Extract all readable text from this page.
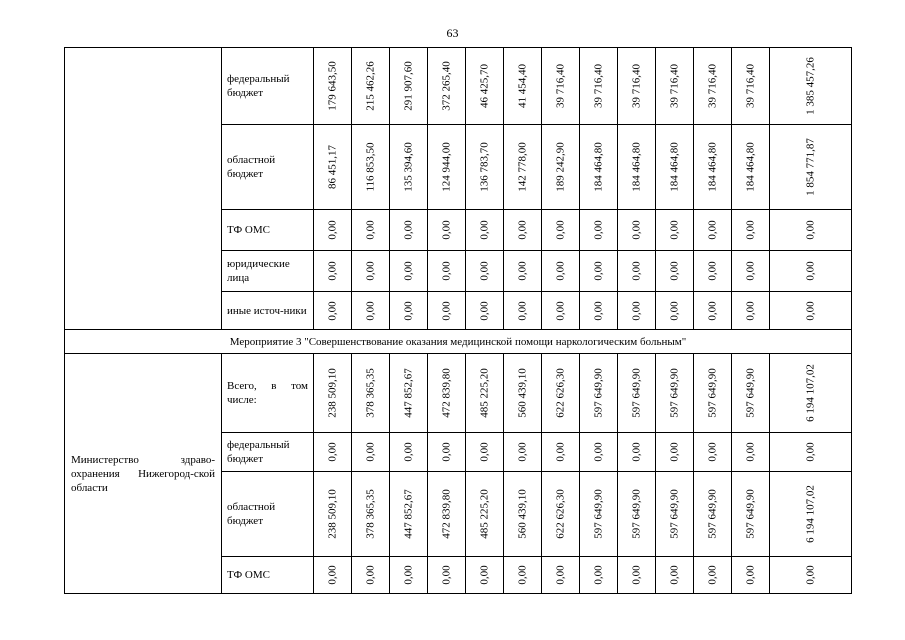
63
	федеральный бюджет	179 643,50	215 462,26	291 907,60	372 265,40	46 425,70	41 454,40	39 716,40	39 716,40	39 716,40	39 716,40	39 716,40	39 716,40	1 385 457,26

	областной бюджет	86 451,17	116 853,50	135 394,60	124 944,00	136 783,70	142 778,00	189 242,90	184 464,80	184 464,80	184 464,80	184 464,80	184 464,80	1 854 771,87

	ТФ ОМС	0,00	0,00	0,00	0,00	0,00	0,00	0,00	0,00	0,00	0,00	0,00	0,00	0,00

	юридические лица	0,00	0,00	0,00	0,00	0,00	0,00	0,00	0,00	0,00	0,00	0,00	0,00	0,00

	иные источ-ники	0,00	0,00	0,00	0,00	0,00	0,00	0,00	0,00	0,00	0,00	0,00	0,00	0,00

Мероприятие 3 "Совершенствование оказания медицинской помощи наркологическим больным"														
Министерство здраво-охранения Нижегород-ской области	Всего, в том числе:	238 509,10	378 365,35	447 852,67	472 839,80	485 225,20	560 439,10	622 626,30	597 649,90	597 649,90	597 649,90	597 649,90	597 649,90	6 194 107,02

	федеральный бюджет	0,00	0,00	0,00	0,00	0,00	0,00	0,00	0,00	0,00	0,00	0,00	0,00	0,00

	областной бюджет	238 509,10	378 365,35	447 852,67	472 839,80	485 225,20	560 439,10	622 626,30	597 649,90	597 649,90	597 649,90	597 649,90	597 649,90	6 194 107,02

	ТФ ОМС	0,00	0,00	0,00	0,00	0,00	0,00	0,00	0,00	0,00	0,00	0,00	0,00	0,00
